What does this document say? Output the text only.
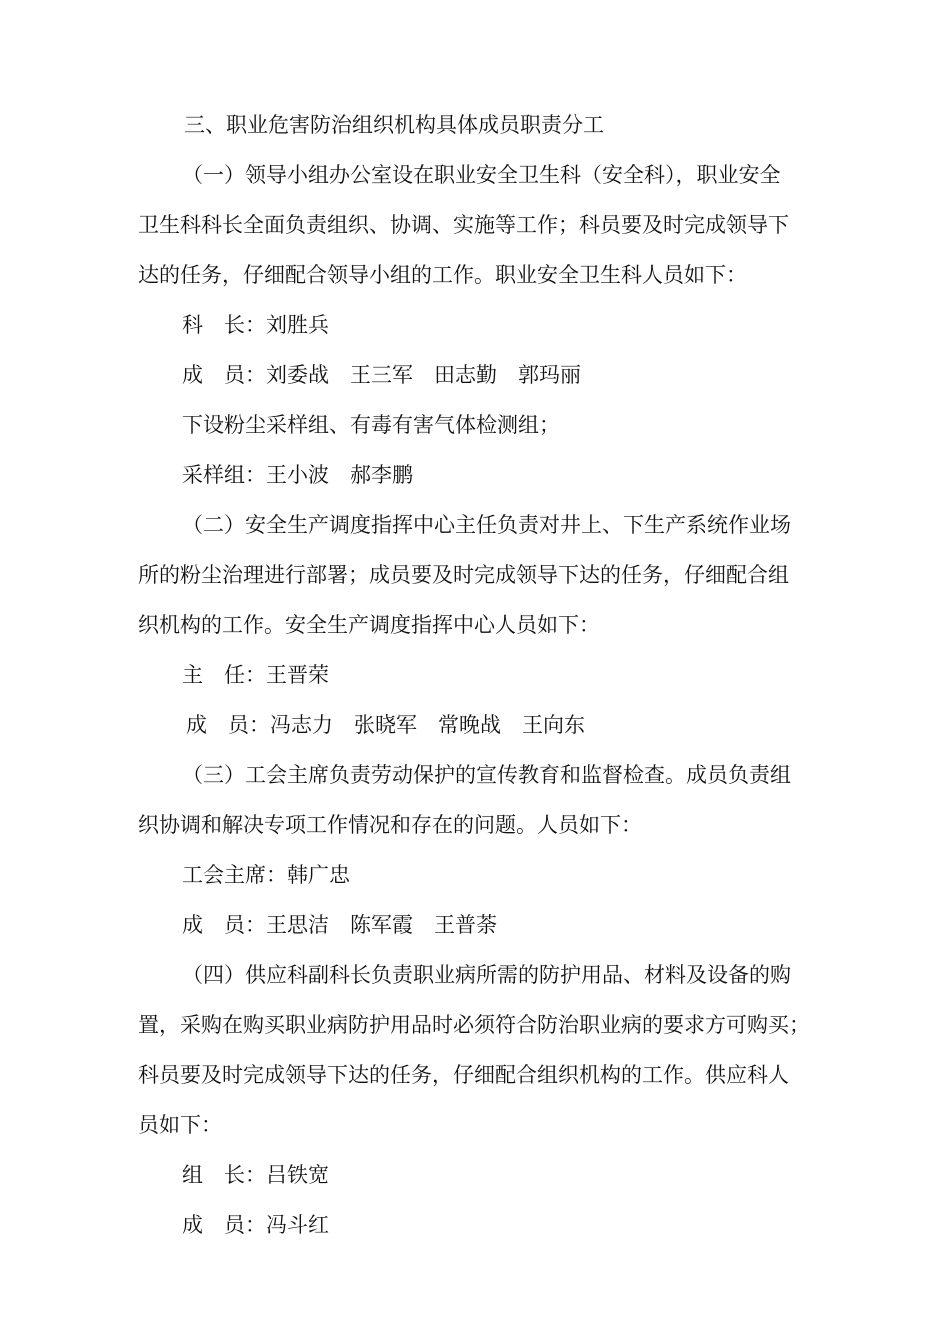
三、职业危害防治组织机构具体成员职责分工
（一）领导小组办公室设在职业安全卫生科（安全科），职业安全
卫生科科长全面负责组织、协调、实施等工作；科员要及时完成领导下
达的任务，仔细配合领导小组的工作。职业安全卫生科人员如下：
科　长：刘胜兵
成　员：刘委战　王三军　田志勤　郭玛丽
下设粉尘采样组、有毒有害气体检测组；
采样组：王小波　郝李鹏
（二）安全生产调度指挥中心主任负责对井上、下生产系统作业场
所的粉尘治理进行部署；成员要及时完成领导下达的任务，仔细配合组
织机构的工作。安全生产调度指挥中心人员如下：
主　任：王晋荣
成　员：冯志力　张晓军　常晚战　王向东
（三）工会主席负责劳动保护的宣传教育和监督检查。成员负责组
织协调和解决专项工作情况和存在的问题。人员如下：
工会主席：韩广忠
成　员：王思洁　陈军霞　王普荼
（四）供应科副科长负责职业病所需的防护用品、材料及设备的购
置，采购在购买职业病防护用品时必须符合防治职业病的要求方可购买；
科员要及时完成领导下达的任务，仔细配合组织机构的工作。供应科人
员如下：
组　长：吕铁宽
成　员：冯斗红
